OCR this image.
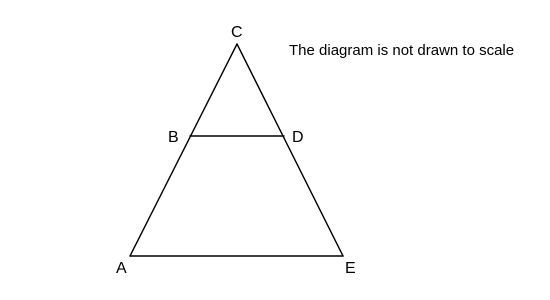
C
B	D
A	E
The diagram is not drawn to scale
